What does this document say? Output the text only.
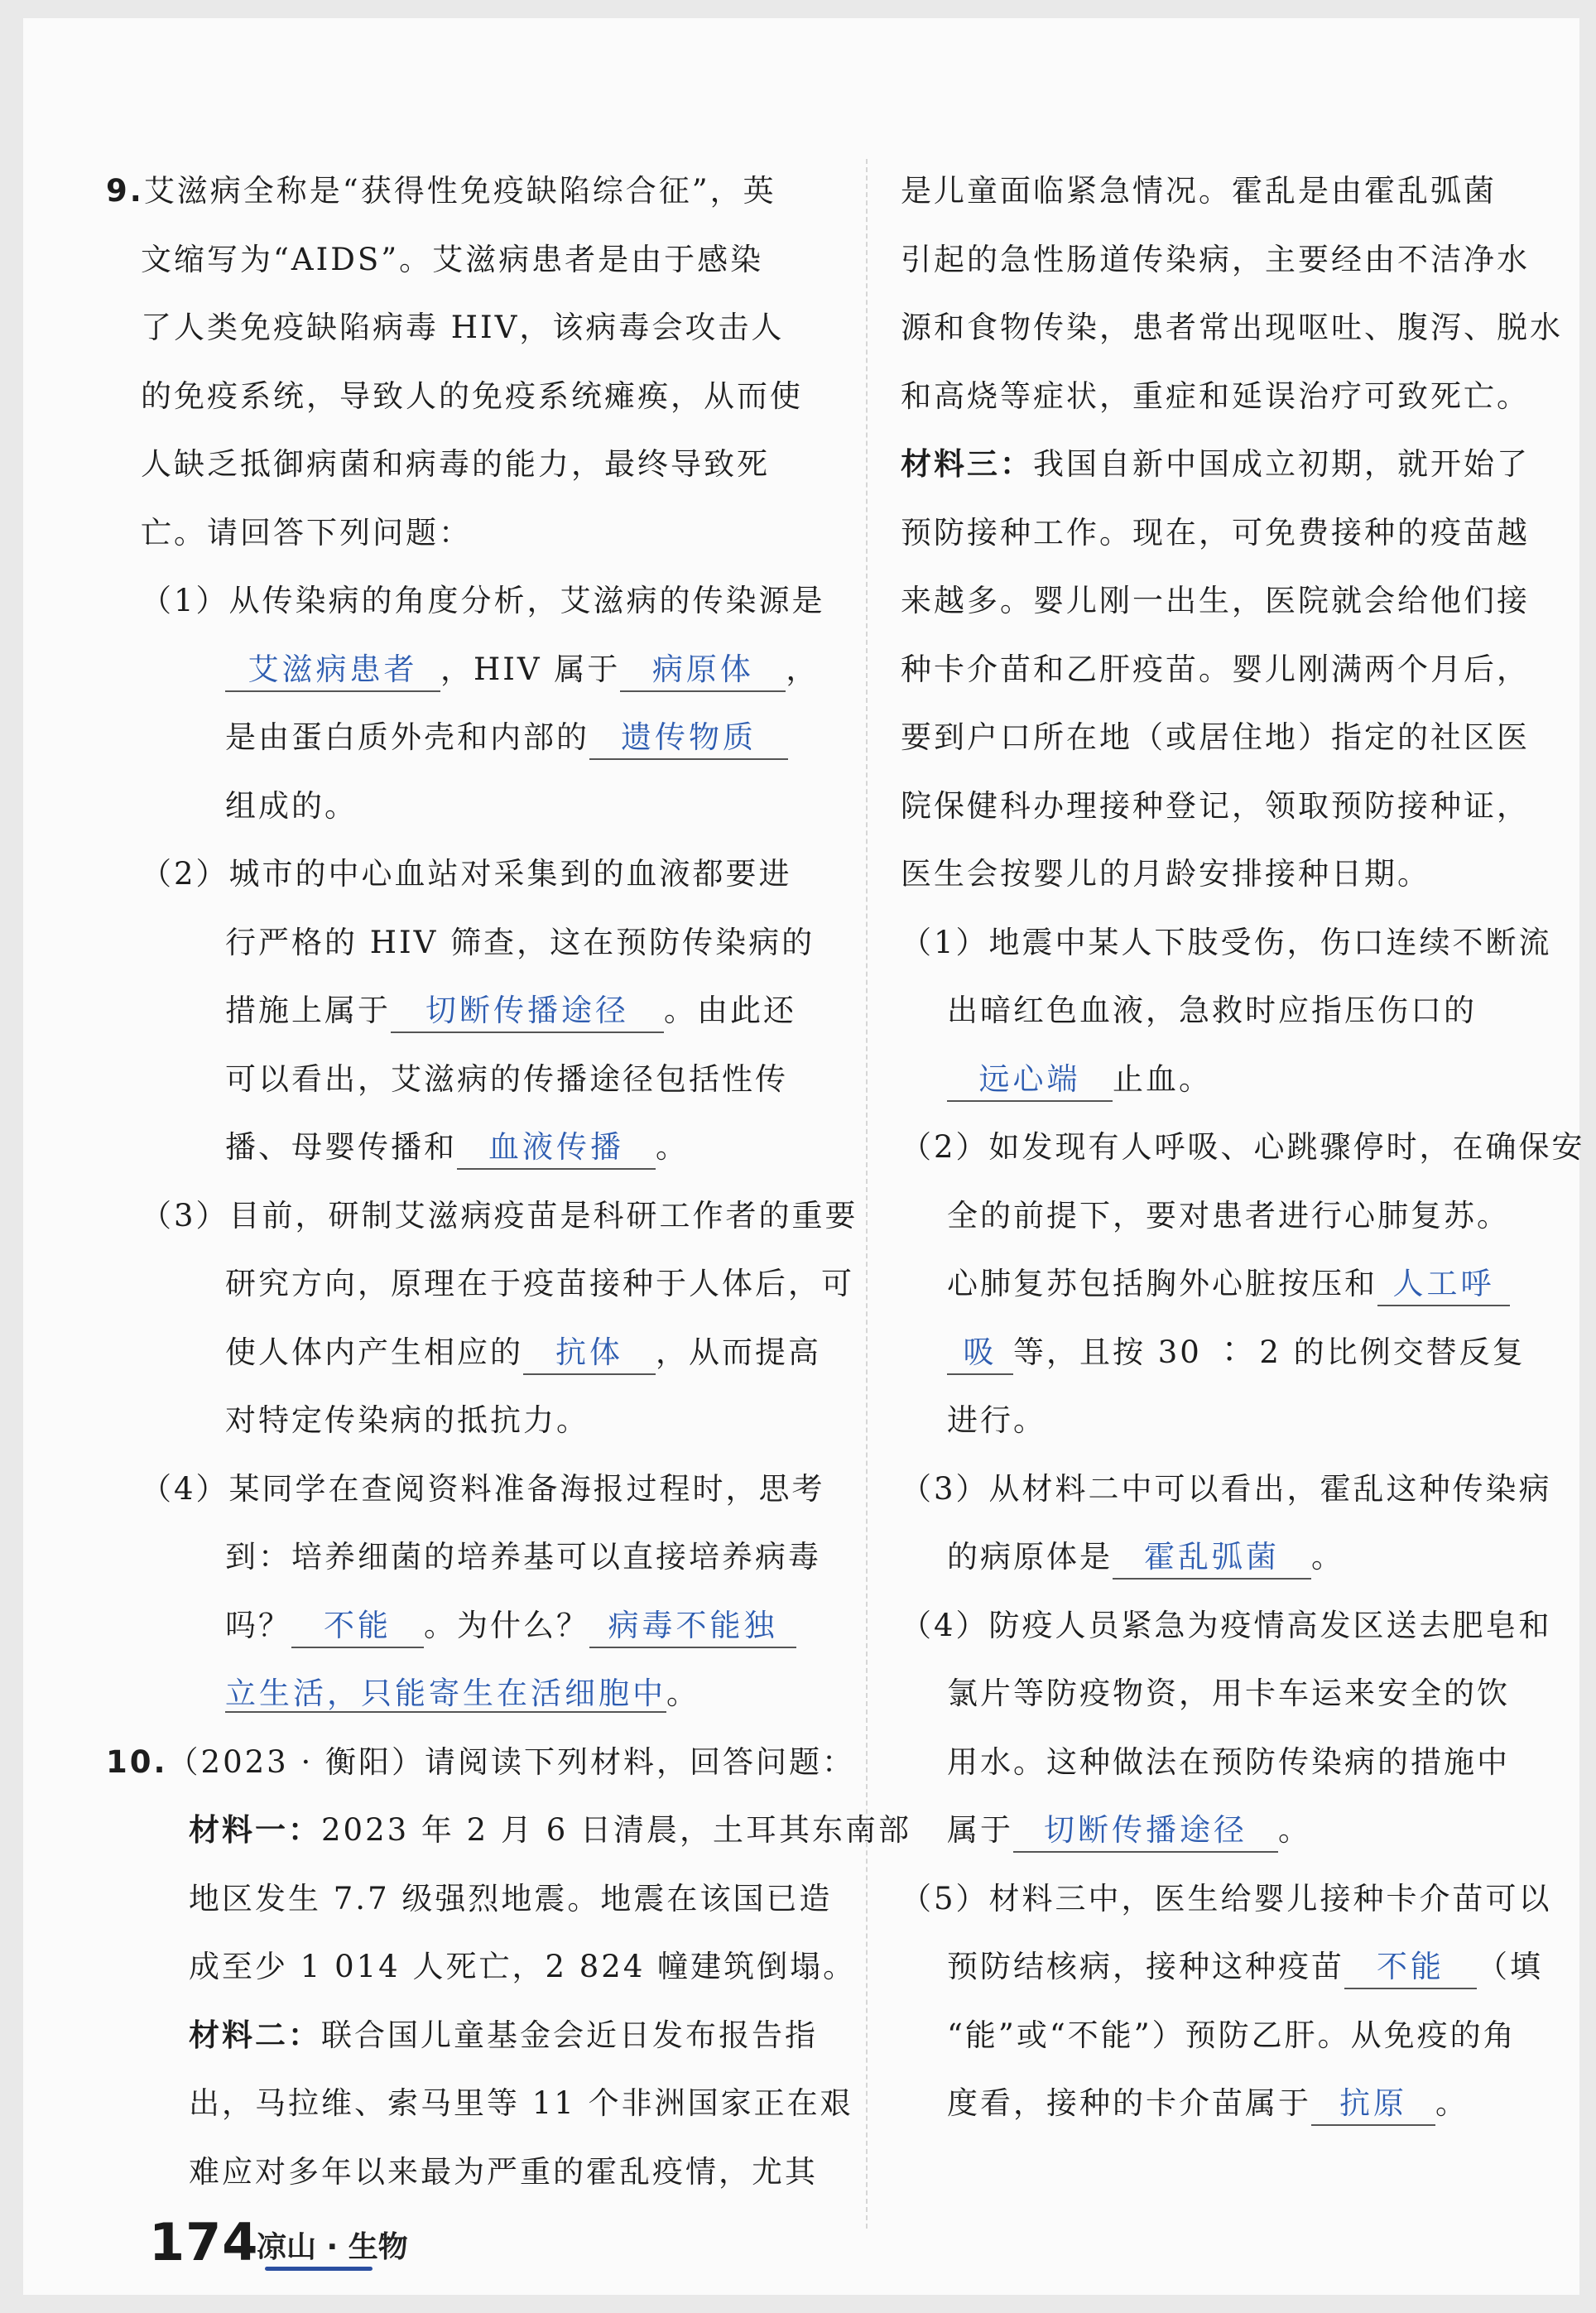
9.艾滋病全称是“获得性免疫缺陷综合征”，英
文缩写为“AIDS”。艾滋病患者是由于感染
了人类免疫缺陷病毒 HIV，该病毒会攻击人
的免疫系统，导致人的免疫系统瘫痪，从而使
人缺乏抵御病菌和病毒的能力，最终导致死
亡。请回答下列问题：
（1）从传染病的角度分析，艾滋病的传染源是
艾滋病患者 ，HIV 属于 病原体 ，
是由蛋白质外壳和内部的 遗传物质
组成的。
（2）城市的中心血站对采集到的血液都要进
行严格的 HIV 筛查，这在预防传染病的
措施上属于 切断传播途径 。由此还
可以看出，艾滋病的传播途径包括性传
播、母婴传播和 血液传播 。
（3）目前，研制艾滋病疫苗是科研工作者的重要
研究方向，原理在于疫苗接种于人体后，可
使人体内产生相应的 抗体 ，从而提高
对特定传染病的抵抗力。
（4）某同学在查阅资料准备海报过程时，思考
到：培养细菌的培养基可以直接培养病毒
吗？ 不能 。为什么？ 病毒不能独
立生活，只能寄生在活细胞中。
10.（2023 · 衡阳）请阅读下列材料，回答问题：
材料一：2023 年 2 月 6 日清晨，土耳其东南部
地区发生 7.7 级强烈地震。地震在该国已造
成至少 1 014 人死亡，2 824 幢建筑倒塌。
材料二：联合国儿童基金会近日发布报告指
出，马拉维、索马里等 11 个非洲国家正在艰
难应对多年以来最为严重的霍乱疫情，尤其
是儿童面临紧急情况。霍乱是由霍乱弧菌
引起的急性肠道传染病，主要经由不洁净水
源和食物传染，患者常出现呕吐、腹泻、脱水
和高烧等症状，重症和延误治疗可致死亡。
材料三：我国自新中国成立初期，就开始了
预防接种工作。现在，可免费接种的疫苗越
来越多。婴儿刚一出生，医院就会给他们接
种卡介苗和乙肝疫苗。婴儿刚满两个月后，
要到户口所在地（或居住地）指定的社区医
院保健科办理接种登记，领取预防接种证，
医生会按婴儿的月龄安排接种日期。
（1）地震中某人下肢受伤，伤口连续不断流
出暗红色血液，急救时应指压伤口的
远心端 止血。
（2）如发现有人呼吸、心跳骤停时，在确保安
全的前提下，要对患者进行心肺复苏。
心肺复苏包括胸外心脏按压和 人工呼
吸 等，且按 30 ∶ 2 的比例交替反复
进行。
（3）从材料二中可以看出，霍乱这种传染病
的病原体是 霍乱弧菌 。
（4）防疫人员紧急为疫情高发区送去肥皂和
氯片等防疫物资，用卡车运来安全的饮
用水。这种做法在预防传染病的措施中
属于 切断传播途径 。
（5）材料三中，医生给婴儿接种卡介苗可以
预防结核病，接种这种疫苗 不能 （填
“能”或“不能”）预防乙肝。从免疫的角
度看，接种的卡介苗属于 抗原 。
174
凉山 · 生物
